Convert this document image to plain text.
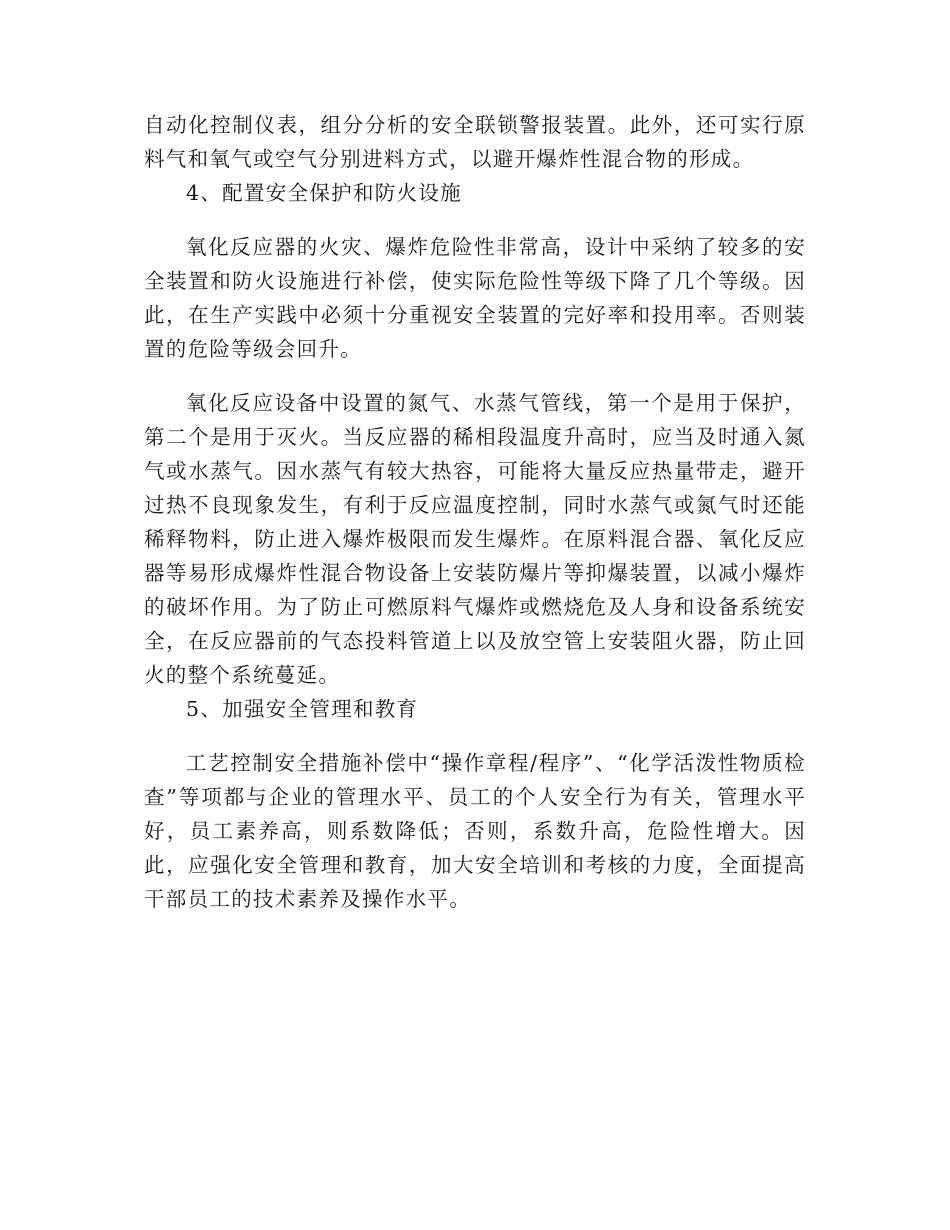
自动化控制仪表，组分分析的安全联锁警报装置。此外，还可实行原料气和氧气或空气分别进料方式，以避开爆炸性混合物的形成。

4、配置安全保护和防火设施

氧化反应器的火灾、爆炸危险性非常高，设计中采纳了较多的安全装置和防火设施进行补偿，使实际危险性等级下降了几个等级。因此，在生产实践中必须十分重视安全装置的完好率和投用率。否则装置的危险等级会回升。

氧化反应设备中设置的氮气、水蒸气管线，第一个是用于保护，第二个是用于灭火。当反应器的稀相段温度升高时，应当及时通入氮气或水蒸气。因水蒸气有较大热容，可能将大量反应热量带走，避开过热不良现象发生，有利于反应温度控制，同时水蒸气或氮气时还能稀释物料，防止进入爆炸极限而发生爆炸。在原料混合器、氧化反应器等易形成爆炸性混合物设备上安装防爆片等抑爆装置，以减小爆炸的破坏作用。为了防止可燃原料气爆炸或燃烧危及人身和设备系统安全，在反应器前的气态投料管道上以及放空管上安装阻火器，防止回火的整个系统蔓延。

5、加强安全管理和教育

工艺控制安全措施补偿中“操作章程/程序”、“化学活泼性物质检查”等项都与企业的管理水平、员工的个人安全行为有关，管理水平好，员工素养高，则系数降低；否则，系数升高，危险性增大。因此，应强化安全管理和教育，加大安全培训和考核的力度，全面提高干部员工的技术素养及操作水平。
